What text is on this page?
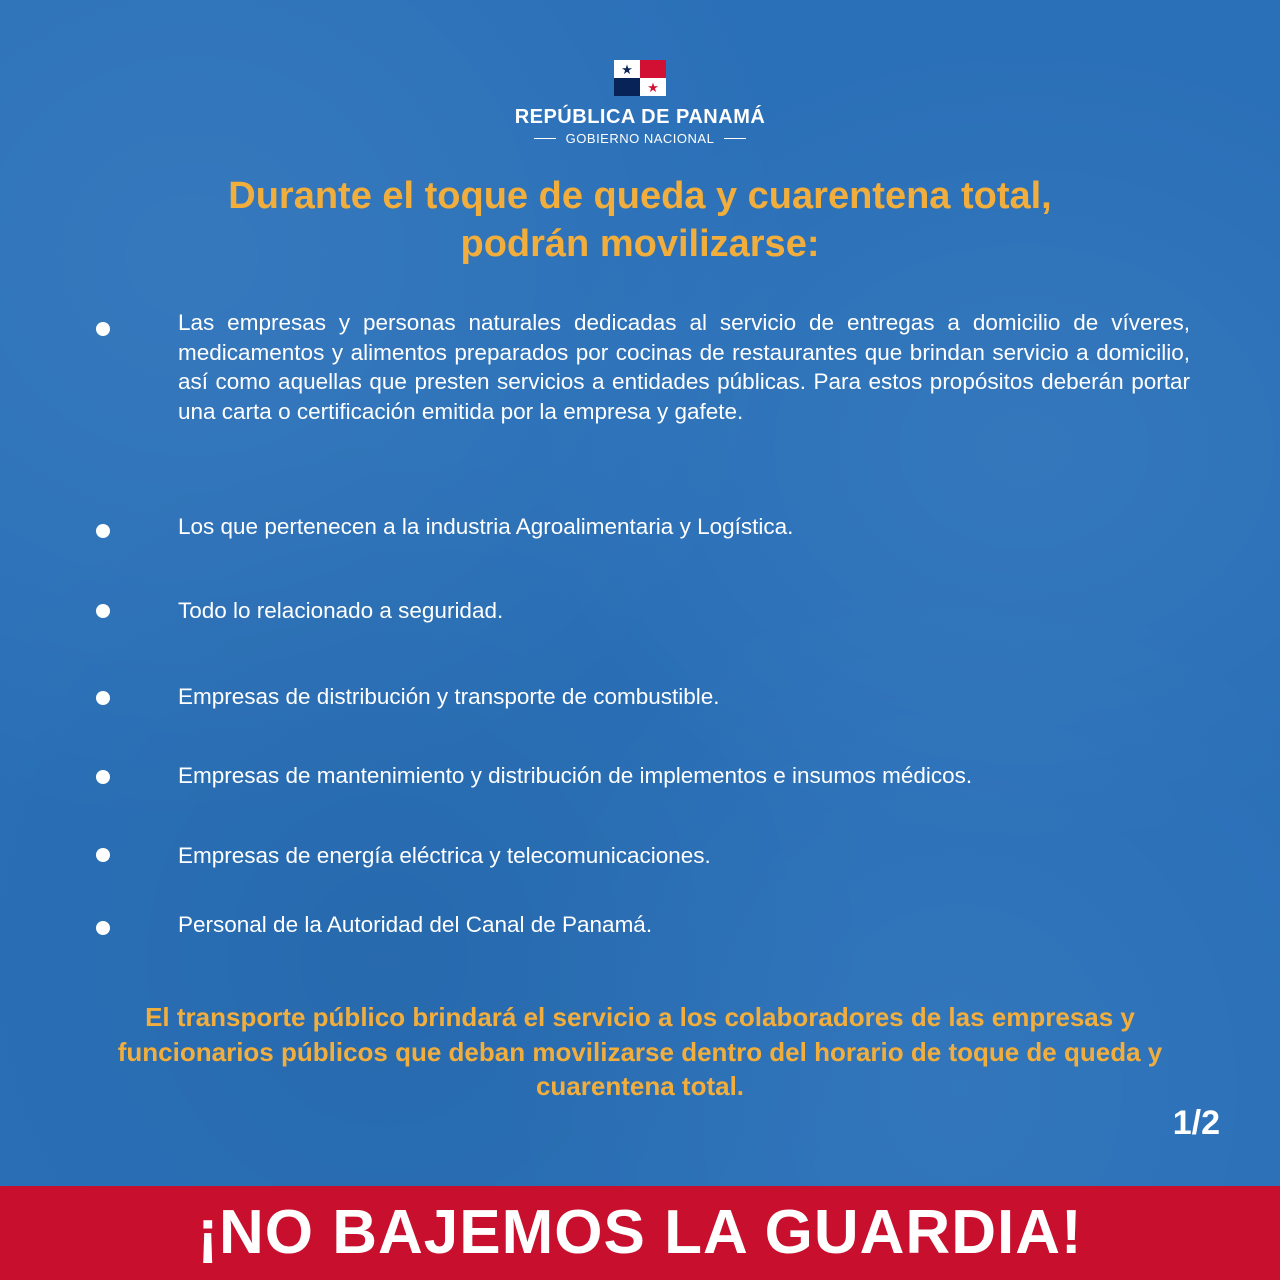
REPÚBLICA DE PANAMÁ
GOBIERNO NACIONAL
Durante el toque de queda y cuarentena total,
podrán movilizarse:
Las empresas y personas naturales dedicadas al servicio de entregas a domicilio de víveres, medicamentos y alimentos preparados por cocinas de restaurantes que brindan servicio a domicilio, así como aquellas que presten servicios a entidades públicas. Para estos propósitos deberán portar una carta o certificación emitida por la empresa y gafete.
Los que pertenecen a la industria Agroalimentaria y Logística.
Todo lo relacionado a seguridad.
Empresas de distribución y transporte de combustible.
Empresas de mantenimiento y distribución de implementos e insumos médicos.
Empresas de energía eléctrica y telecomunicaciones.
Personal de la Autoridad del Canal de Panamá.
El transporte público brindará el servicio a los colaboradores de las empresas y funcionarios públicos que deban movilizarse dentro del horario de toque de queda y cuarentena total.
1/2
¡NO BAJEMOS LA GUARDIA!
